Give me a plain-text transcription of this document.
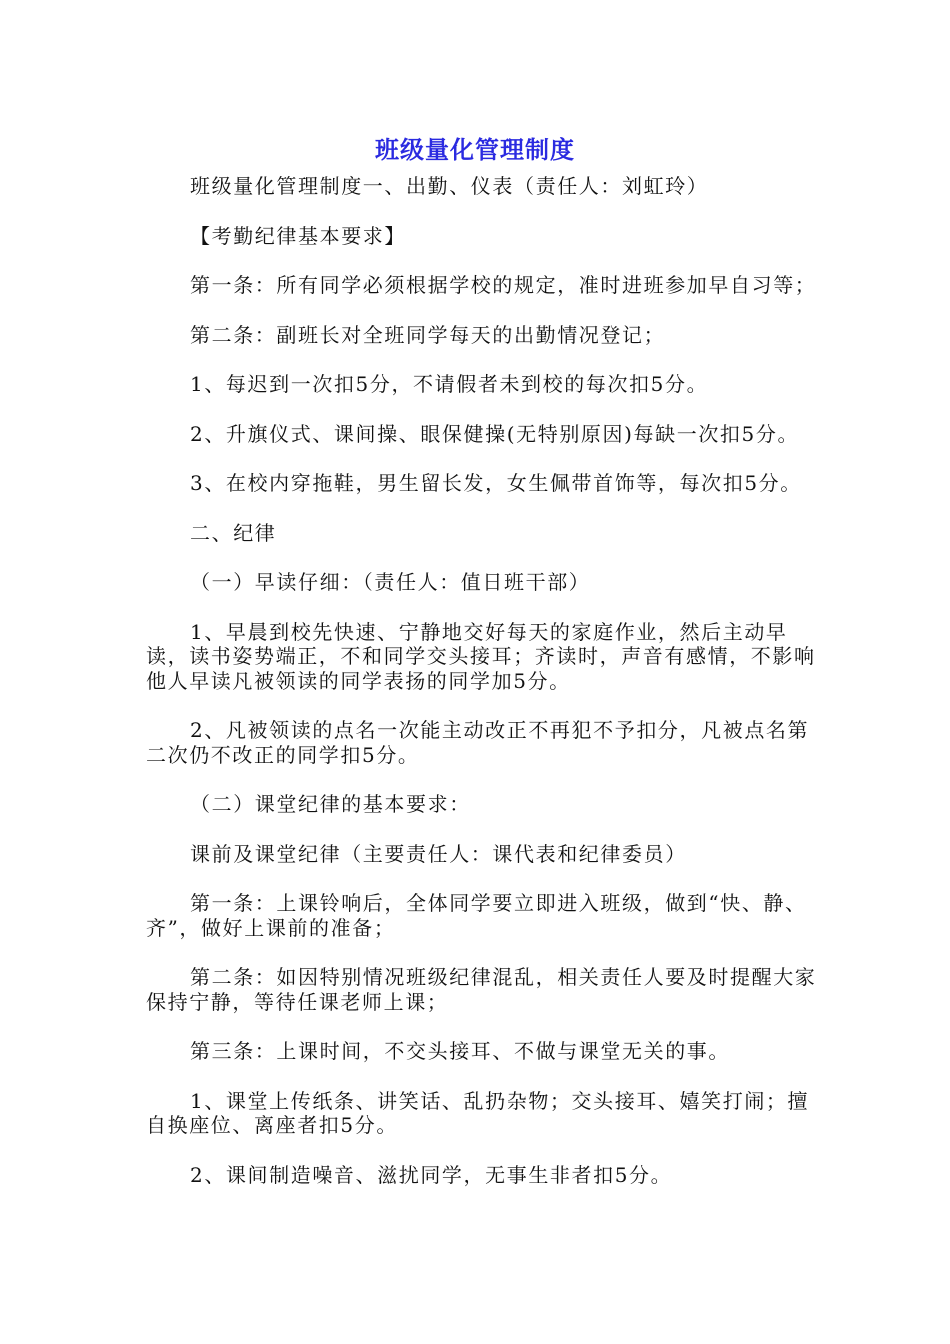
班级量化管理制度

班级量化管理制度一、出勤、仪表（责任人：刘虹玲）

【考勤纪律基本要求】

第一条：所有同学必须根据学校的规定，准时进班参加早自习等；

第二条：副班长对全班同学每天的出勤情况登记；

1、每迟到一次扣5分，不请假者未到校的每次扣5分。

2、升旗仪式、课间操、眼保健操(无特别原因)每缺一次扣5分。

3、在校内穿拖鞋，男生留长发，女生佩带首饰等，每次扣5分。

二、纪律

（一）早读仔细：（责任人：值日班干部）

1、早晨到校先快速、宁静地交好每天的家庭作业，然后主动早读，读书姿势端正，不和同学交头接耳；齐读时，声音有感情，不影响他人早读凡被领读的同学表扬的同学加5分。

2、凡被领读的点名一次能主动改正不再犯不予扣分，凡被点名第二次仍不改正的同学扣5分。

（二）课堂纪律的基本要求：

课前及课堂纪律（主要责任人：课代表和纪律委员）

第一条：上课铃响后，全体同学要立即进入班级，做到“快、静、齐”，做好上课前的准备；

第二条：如因特别情况班级纪律混乱，相关责任人要及时提醒大家保持宁静，等待任课老师上课；

第三条：上课时间，不交头接耳、不做与课堂无关的事。

1、课堂上传纸条、讲笑话、乱扔杂物；交头接耳、嬉笑打闹；擅自换座位、离座者扣5分。

2、课间制造噪音、滋扰同学，无事生非者扣5分。
